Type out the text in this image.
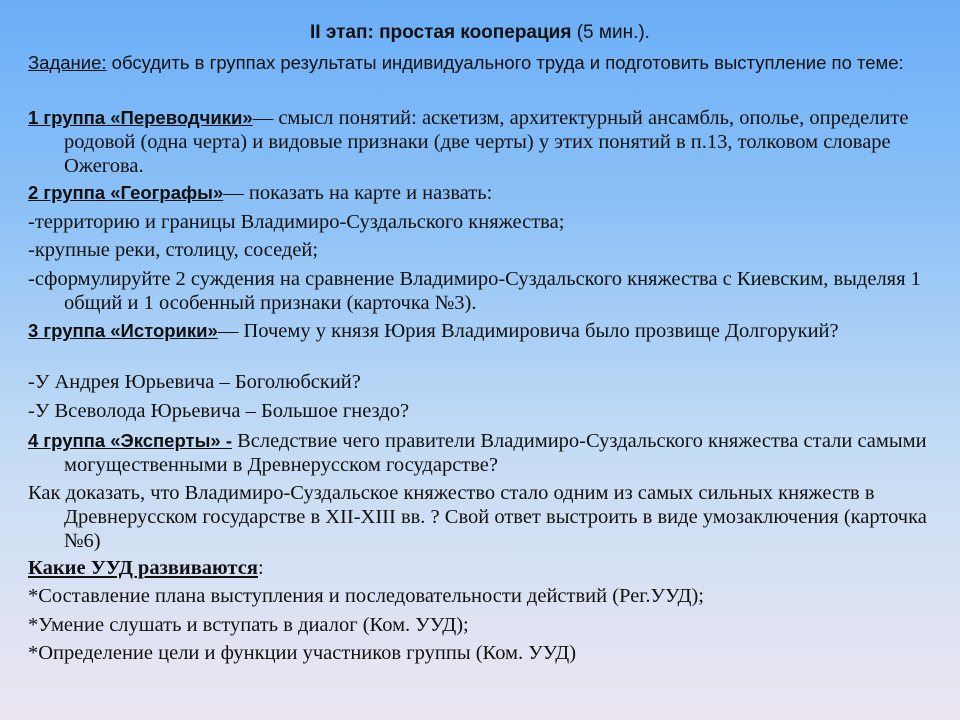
II этап: простая кооперация (5 мин.).

Задание: обсудить в группах результаты индивидуального труда и подготовить выступление по теме:

1 группа «Переводчики»— смысл понятий: аскетизм, архитектурный ансамбль, ополье, определите родовой (одна черта) и видовые признаки (две черты) у этих понятий в п.13, толковом словаре Ожегова.

2 группа «Географы»— показать на карте и назвать:

-территорию и границы Владимиро-Суздальского княжества;

-крупные реки, столицу, соседей;

-сформулируйте 2 суждения на сравнение Владимиро-Суздальского княжества с Киевским, выделяя 1 общий и 1 особенный признаки (карточка №3).

3 группа «Историки»— Почему у князя Юрия Владимировича было прозвище Долгорукий?

-У Андрея Юрьевича – Боголюбский?

-У Всеволода Юрьевича – Большое гнездо?

4 группа «Эксперты» - Вследствие чего правители Владимиро-Суздальского княжества стали самыми могущественными в Древнерусском государстве?

Как доказать, что Владимиро-Суздальское княжество стало одним из самых сильных княжеств в Древнерусском государстве в XII-XIII вв. ? Свой ответ выстроить в виде умозаключения (карточка №6)

Какие УУД развиваются:

*Составление плана выступления и последовательности действий (Рег.УУД);

*Умение слушать и вступать в диалог (Ком. УУД);

*Определение цели и функции участников группы (Ком. УУД)
